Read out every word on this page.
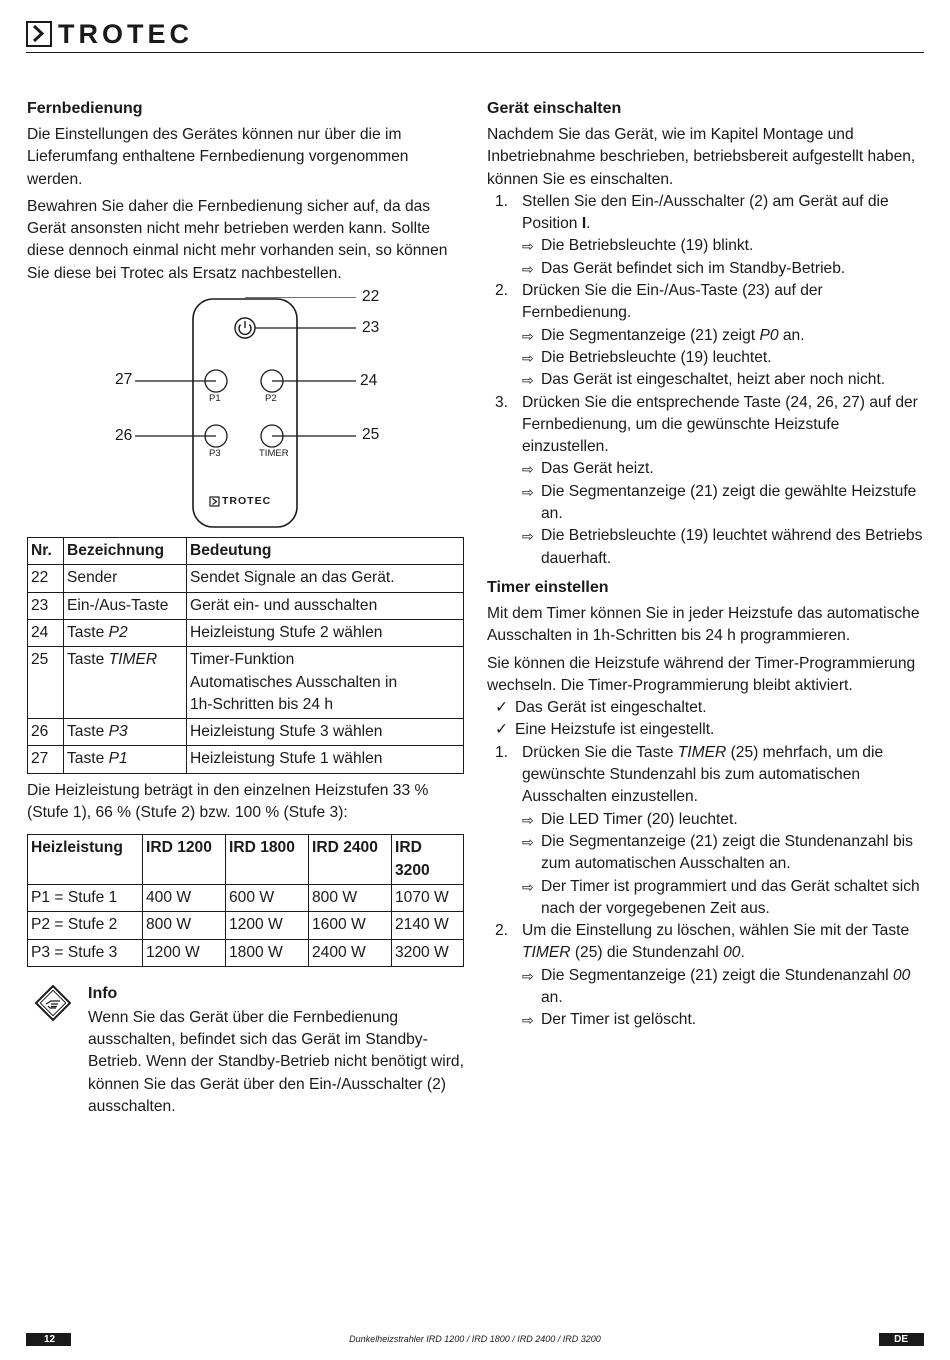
TROTEC
Fernbedienung

Die Einstellungen des Gerätes können nur über die im Lieferumfang enthaltene Fernbedienung vorgenommen werden.

Bewahren Sie daher die Fernbedienung sicher auf, da das Gerät ansonsten nicht mehr betrieben werden kann. Sollte diese dennoch einmal nicht mehr vorhanden sein, so können Sie diese bei Trotec als Ersatz nachbestellen.

22
23
24
25
26
27
P1	P2
P3	TIMER
TROTEC
Nr.	Bezeichnung	Bedeutung
22	Sender	Sendet Signale an das Gerät.

23	Ein-/Aus-Taste	Gerät ein- und ausschalten

24	Taste P2	Heizleistung Stufe 2 wählen

25	Taste TIMER	Timer-Funktion
Automatisches Ausschalten in
1h-Schritten bis 24 h

26	Taste P3	Heizleistung Stufe 3 wählen

27	Taste P1	Heizleistung Stufe 1 wählen

Die Heizleistung beträgt in den einzelnen Heizstufen 33 % (Stufe 1), 66 % (Stufe 2) bzw. 100 % (Stufe 3):

Heizleistung	IRD 1200	IRD 1800	IRD 2400	IRD 3200
P1 = Stufe 1	400 W	600 W	800 W	1070 W
P2 = Stufe 2	800 W	1200 W	1600 W	2140 W
P3 = Stufe 3	1200 W	1800 W	2400 W	3200 W
Info

Wenn Sie das Gerät über die Fernbedienung ausschalten, befindet sich das Gerät im Standby-Betrieb. Wenn der Standby-Betrieb nicht benötigt wird, können Sie das Gerät über den Ein-/Ausschalter (2) ausschalten.

Gerät einschalten

Nachdem Sie das Gerät, wie im Kapitel Montage und Inbetriebnahme beschrieben, betriebsbereit aufgestellt haben, können Sie es einschalten.

1. Stellen Sie den Ein-/Ausschalter (2) am Gerät auf die Position I.
⇨ Die Betriebsleuchte (19) blinkt.
⇨ Das Gerät befindet sich im Standby-Betrieb.
2. Drücken Sie die Ein-/Aus-Taste (23) auf der Fernbedienung.
⇨ Die Segmentanzeige (21) zeigt P0 an.
⇨ Die Betriebsleuchte (19) leuchtet.
⇨ Das Gerät ist eingeschaltet, heizt aber noch nicht.
3. Drücken Sie die entsprechende Taste (24, 26, 27) auf der Fernbedienung, um die gewünschte Heizstufe einzustellen.
⇨ Das Gerät heizt.
⇨ Die Segmentanzeige (21) zeigt die gewählte Heizstufe an.
⇨ Die Betriebsleuchte (19) leuchtet während des Betriebs dauerhaft.
Timer einstellen

Mit dem Timer können Sie in jeder Heizstufe das automatische Ausschalten in 1h-Schritten bis 24 h programmieren.

Sie können die Heizstufe während der Timer-Programmierung wechseln. Die Timer-Programmierung bleibt aktiviert.

✓ Das Gerät ist eingeschaltet.
✓ Eine Heizstufe ist eingestellt.
1. Drücken Sie die Taste TIMER (25) mehrfach, um die gewünschte Stundenzahl bis zum automatischen Ausschalten einzustellen.
⇨ Die LED Timer (20) leuchtet.
⇨ Die Segmentanzeige (21) zeigt die Stundenanzahl bis zum automatischen Ausschalten an.
⇨ Der Timer ist programmiert und das Gerät schaltet sich nach der vorgegebenen Zeit aus.
2. Um die Einstellung zu löschen, wählen Sie mit der Taste TIMER (25) die Stundenzahl 00.
⇨ Die Segmentanzeige (21) zeigt die Stundenanzahl 00 an.
⇨ Der Timer ist gelöscht.
12	Dunkelheizstrahler IRD 1200 / IRD 1800 / IRD 2400 / IRD 3200	DE
